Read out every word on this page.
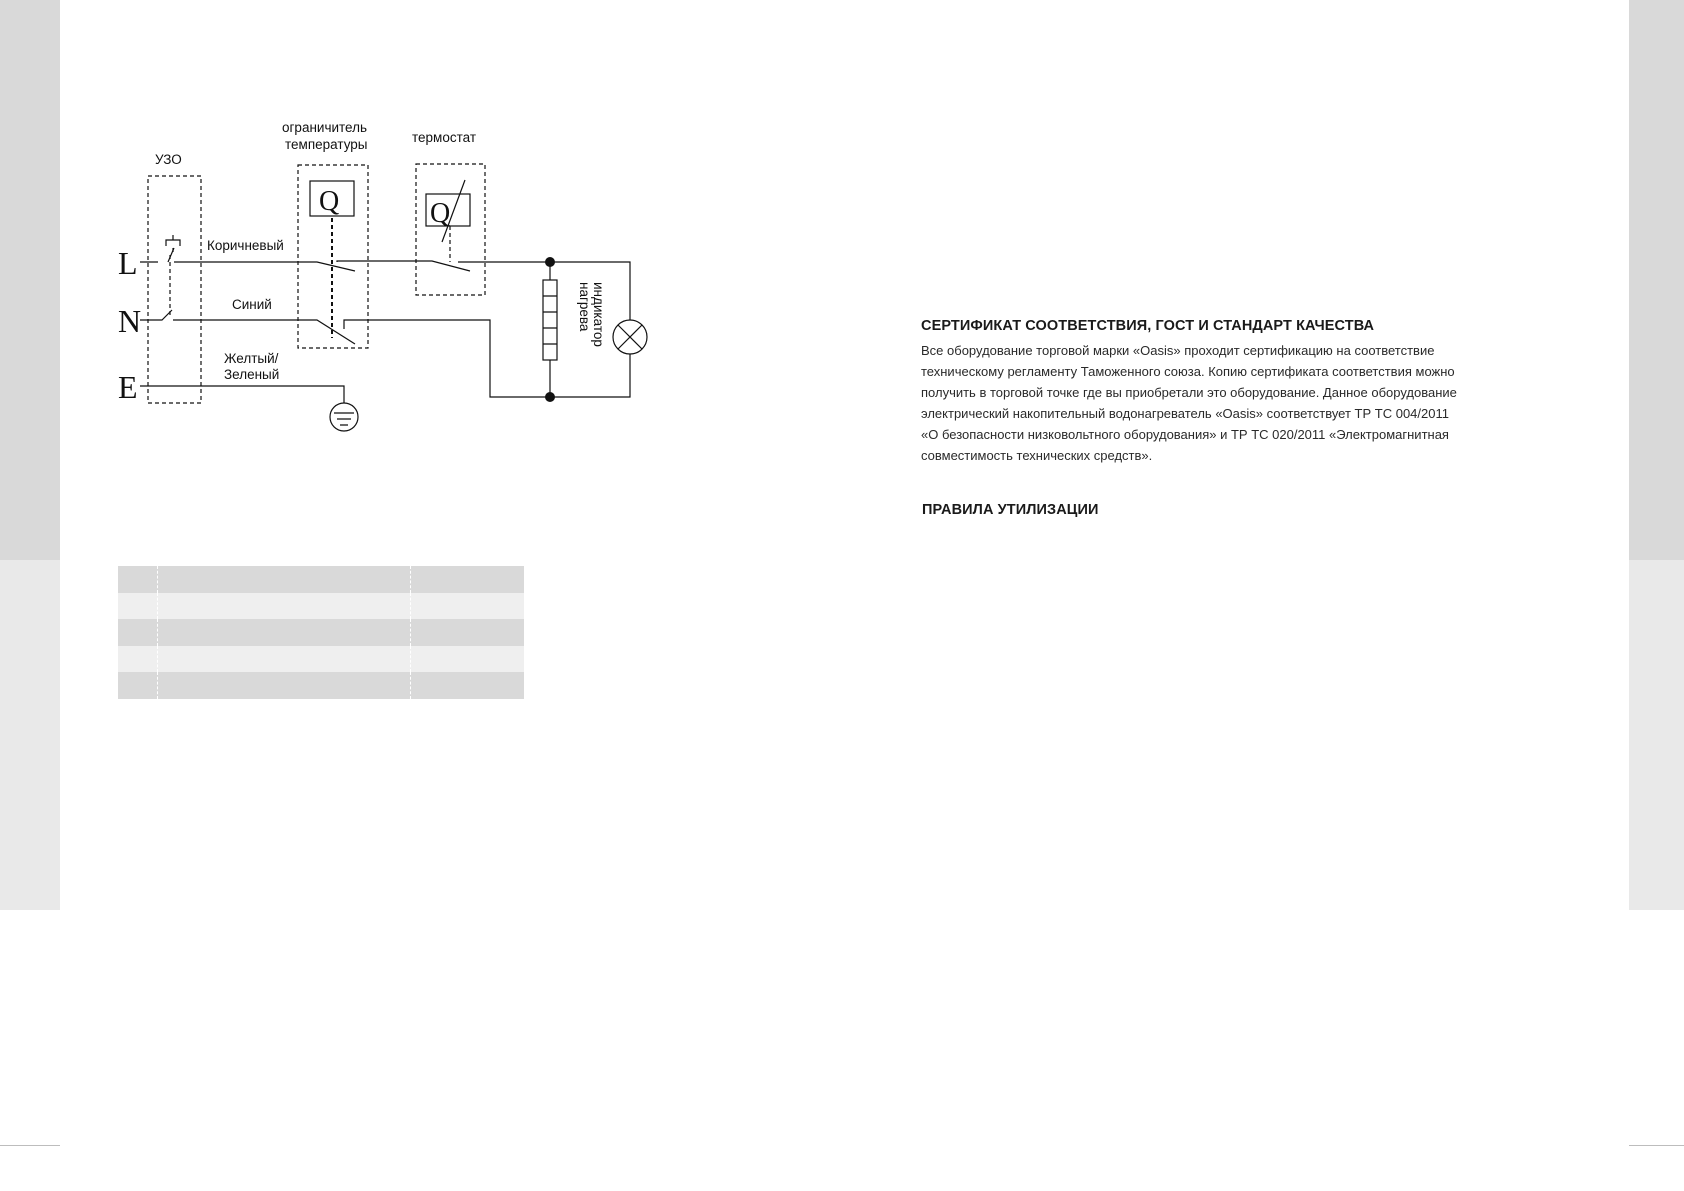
L
N
E
Q	Q
УЗО
ограничитель
температуры	термостат
Коричневый
Синий
Желтый/
Зеленый
индикатор
нагрева

			СЕРТИФИКАТ СООТВЕТСТВИЯ, ГОСТ И СТАНДАРТ КАЧЕСТВА

Все оборудование торговой марки «Oasis» проходит сертификацию на соответствие
техническому регламенту Таможенного союза. Копию сертификата соответствия можно
получить в торговой точке где вы приобретали это оборудование. Данное оборудование
электрический накопительный водонагреватель «Oasis» соответствует ТР ТС 004/2011
«О безопасности низковольтного оборудования» и ТР ТС 020/2011 «Электромагнитная
совместимость технических средств».

ПРАВИЛА УТИЛИЗАЦИИ
